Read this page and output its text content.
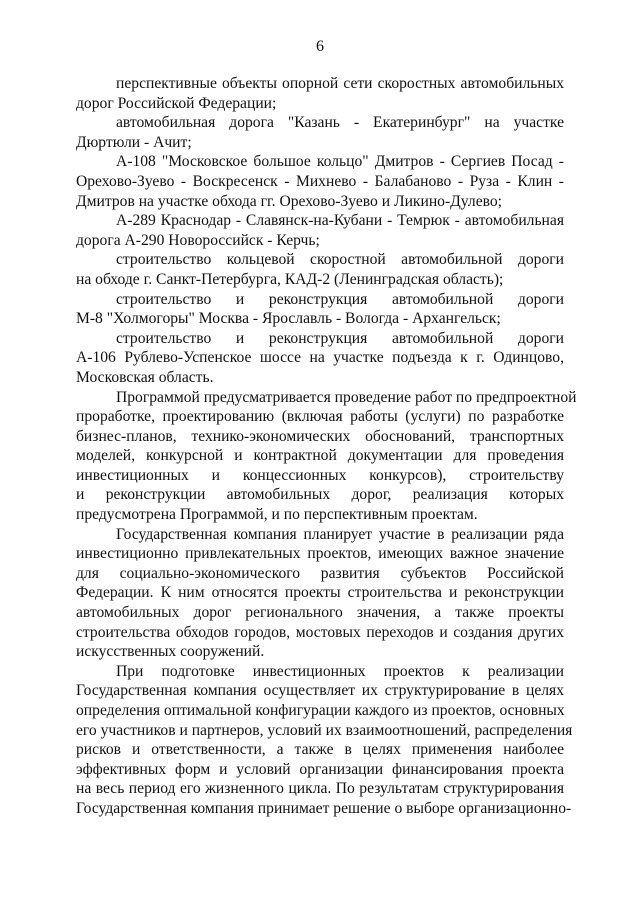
6
перспективные объекты опорной сети скоростных автомобильных
дорог Российской Федерации;
автомобильная дорога "Казань - Екатеринбург" на участке
Дюртюли - Ачит;
А-108 "Московское большое кольцо" Дмитров - Сергиев Посад -
Орехово-Зуево - Воскресенск - Михнево - Балабаново - Руза - Клин -
Дмитров на участке обхода гг. Орехово-Зуево и Ликино-Дулево;
А-289 Краснодар - Славянск-на-Кубани - Темрюк - автомобильная
дорога А-290 Новороссийск - Керчь;
строительство кольцевой скоростной автомобильной дороги
на обходе г. Санкт-Петербурга, КАД-2 (Ленинградская область);
строительство и реконструкция автомобильной дороги
М-8 "Холмогоры" Москва - Ярославль - Вологда - Архангельск;
строительство и реконструкция автомобильной дороги
А-106 Рублево-Успенское шоссе на участке подъезда к г. Одинцово,
Московская область.
Программой предусматривается проведение работ по предпроектной
проработке, проектированию (включая работы (услуги) по разработке
бизнес-планов, технико-экономических обоснований, транспортных
моделей, конкурсной и контрактной документации для проведения
инвестиционных и концессионных конкурсов), строительству
и реконструкции автомобильных дорог, реализация которых
предусмотрена Программой, и по перспективным проектам.
Государственная компания планирует участие в реализации ряда
инвестиционно привлекательных проектов, имеющих важное значение
для социально-экономического развития субъектов Российской
Федерации. К ним относятся проекты строительства и реконструкции
автомобильных дорог регионального значения, а также проекты
строительства обходов городов, мостовых переходов и создания других
искусственных сооружений.
При подготовке инвестиционных проектов к реализации
Государственная компания осуществляет их структурирование в целях
определения оптимальной конфигурации каждого из проектов, основных
его участников и партнеров, условий их взаимоотношений, распределения
рисков и ответственности, а также в целях применения наиболее
эффективных форм и условий организации финансирования проекта
на весь период его жизненного цикла. По результатам структурирования
Государственная компания принимает решение о выборе организационно-
